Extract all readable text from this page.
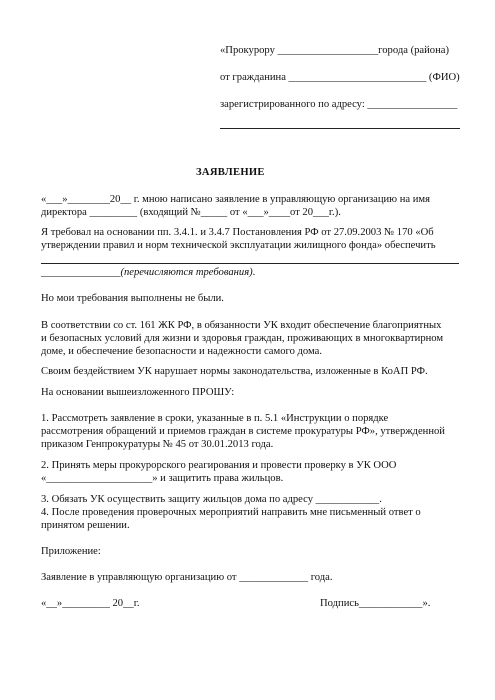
«Прокурору ___________________города (района)
от гражданина __________________________ (ФИО)
зарегистрированного по адресу: _________________
ЗАЯВЛЕНИЕ
«___»________20__ г. мною написано заявление в управляющую организацию на имя
директора _________ (входящий №_____ от «___»____от 20___г.).
Я требовал на основании пп. 3.4.1. и 3.4.7 Постановления РФ от 27.09.2003 № 170 «Об
утверждении правил и норм технической эксплуатации жилищного фонда» обеспечить
_______________(перечисляются требования).
Но мои требования выполнены не были.
В соответствии со ст. 161 ЖК РФ, в обязанности УК входит обеспечение благоприятных
и безопасных условий для жизни и здоровья граждан, проживающих в многоквартирном
доме, и обеспечение безопасности и надежности самого дома.
Своим бездействием УК нарушает нормы законодательства, изложенные в КоАП РФ.
На основании вышеизложенного ПРОШУ:
1. Рассмотреть заявление в сроки, указанные в п. 5.1 «Инструкции о порядке
рассмотрения обращений и приемов граждан в системе прокуратуры РФ», утвержденной
приказом Генпрокуратуры № 45 от 30.01.2013 года.
2. Принять меры прокурорского реагирования и провести проверку в УК ООО
«____________________» и защитить права жильцов.
3. Обязать УК осуществить защиту жильцов дома по адресу ____________.
4. После проведения проверочных мероприятий направить мне письменный ответ о
принятом решении.
Приложение:
Заявление в управляющую организацию от _____________ года.
«__»_________ 20__г.	Подпись____________».
